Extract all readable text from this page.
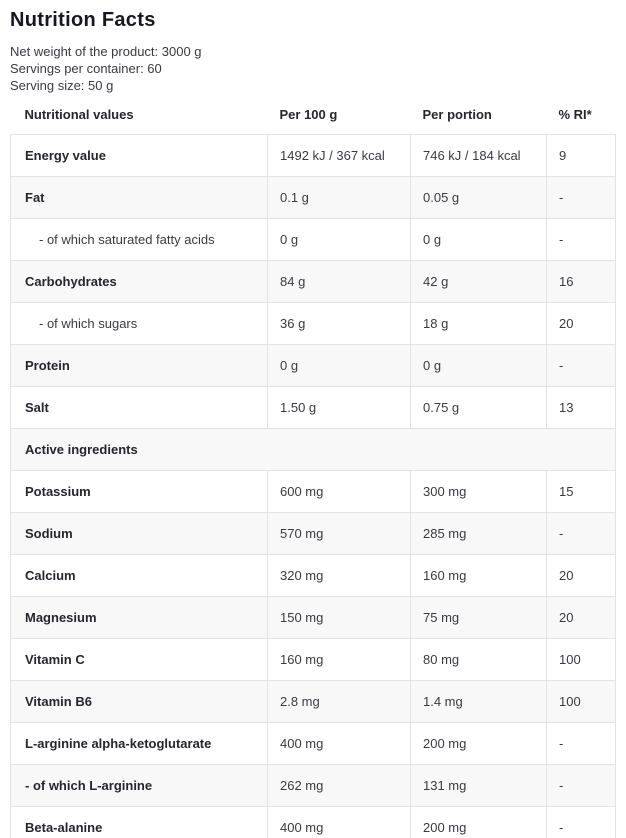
Nutrition Facts

Net weight of the product: 3000 g

Servings per container: 60

Serving size: 50 g

Nutritional values	Per 100 g	Per portion	% RI*
Energy value	1492 kJ / 367 kcal	746 kJ / 184 kcal	9
Fat	0.1 g	0.05 g	-
- of which saturated fatty acids	0 g	0 g	-
Carbohydrates	84 g	42 g	16
- of which sugars	36 g	18 g	20
Protein	0 g	0 g	-
Salt	1.50 g	0.75 g	13
Active ingredients			
Potassium	600 mg	300 mg	15
Sodium	570 mg	285 mg	-
Calcium	320 mg	160 mg	20
Magnesium	150 mg	75 mg	20
Vitamin C	160 mg	80 mg	100
Vitamin B6	2.8 mg	1.4 mg	100
L-arginine alpha-ketoglutarate	400 mg	200 mg	-
- of which L-arginine	262 mg	131 mg	-
Beta-alanine	400 mg	200 mg	-
